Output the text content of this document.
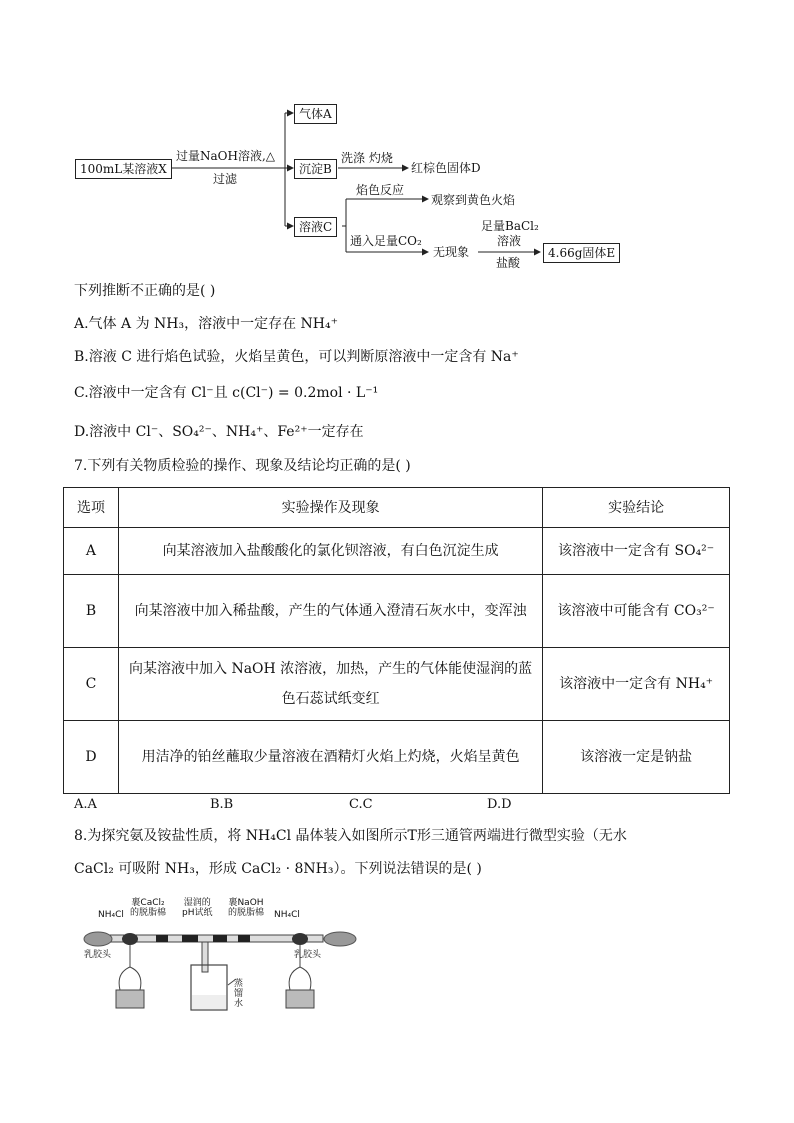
100mL某溶液X
过量NaOH溶液,△
过滤
气体A
沉淀B
洗涤 灼烧
红棕色固体D
溶液C
焰色反应
观察到黄色火焰
通入足量CO₂
无现象
足量BaCl₂
溶液
盐酸
4.66g固体E
下列推断不正确的是( )
A.气体 A 为 NH₃，溶液中一定存在 NH₄⁺
B.溶液 C 进行焰色试验，火焰呈黄色，可以判断原溶液中一定含有 Na⁺
C.溶液中一定含有 Cl⁻且 c(Cl⁻) = 0.2mol · L⁻¹
D.溶液中 Cl⁻、SO₄²⁻、NH₄⁺、Fe²⁺一定存在
7.下列有关物质检验的操作、现象及结论均正确的是( )
选项	实验操作及现象	实验结论
A	向某溶液加入盐酸酸化的氯化钡溶液，有白色沉淀生成	该溶液中一定含有 SO₄²⁻
B	向某溶液中加入稀盐酸，产生的气体通入澄清石灰水中，变浑浊	该溶液中可能含有 CO₃²⁻
C	向某溶液中加入 NaOH 浓溶液，加热，产生的气体能使湿润的蓝色石蕊试纸变红	该溶液中一定含有 NH₄⁺
D	用洁净的铂丝蘸取少量溶液在酒精灯火焰上灼烧，火焰呈黄色	该溶液一定是钠盐
A.A	B.B	C.C	D.D
8.为探究氨及铵盐性质，将 NH₄Cl 晶体装入如图所示T形三通管两端进行微型实验（无水
CaCl₂ 可吸附 NH₃，形成 CaCl₂ · 8NH₃）。下列说法错误的是( )
裹CaCl₂
的脱脂棉
NH₄Cl
湿润的
pH试纸
裹NaOH
的脱脂棉 NH₄Cl
乳胶头	乳胶头
蒸
馏
水
